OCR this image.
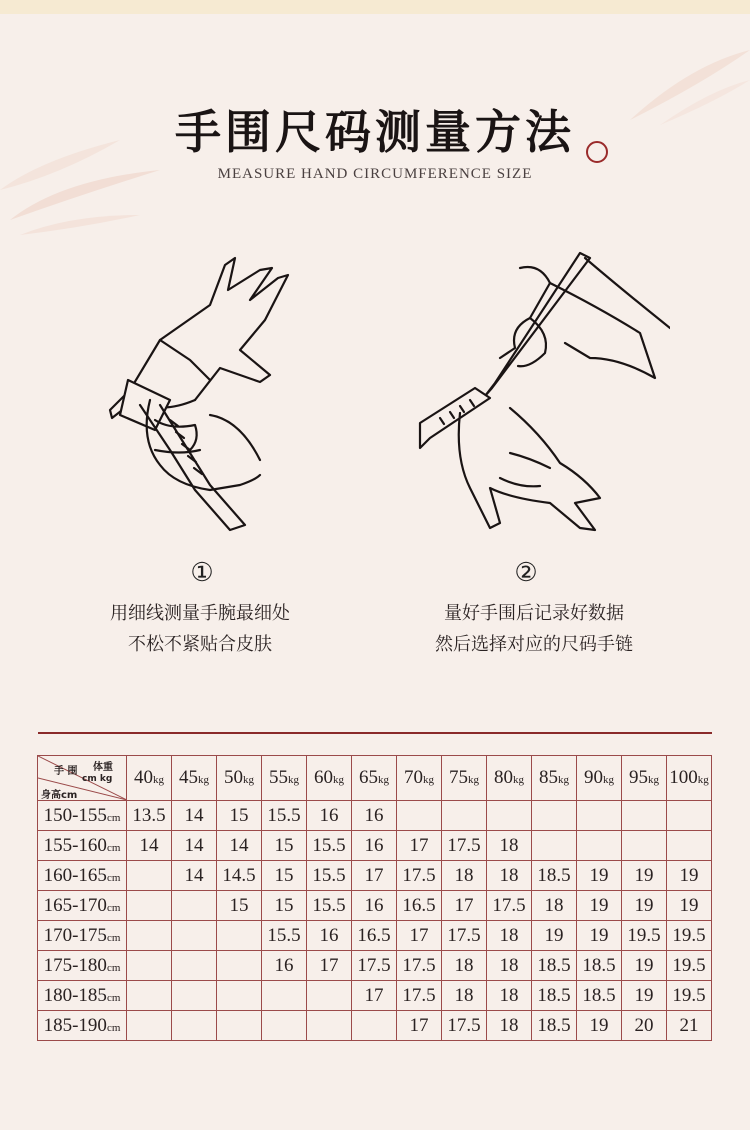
手围尺码测量方法
MEASURE HAND CIRCUMFERENCE SIZE
①
用细线测量手腕最细处
不松不紧贴合皮肤
②
量好手围后记录好数据
然后选择对应的尺码手链
手 围 体重
cm kg
身高cm	40kg	45kg	50kg	55kg	60kg	65kg	70kg	75kg	80kg	85kg	90kg	95kg	100kg
150-155cm	13.5	14	15	15.5	16	16							
155-160cm	14	14	14	15	15.5	16	17	17.5	18				
160-165cm		14	14.5	15	15.5	17	17.5	18	18	18.5	19	19	19
165-170cm			15	15	15.5	16	16.5	17	17.5	18	19	19	19
170-175cm				15.5	16	16.5	17	17.5	18	19	19	19.5	19.5
175-180cm				16	17	17.5	17.5	18	18	18.5	18.5	19	19.5
180-185cm						17	17.5	18	18	18.5	18.5	19	19.5
185-190cm							17	17.5	18	18.5	19	20	21
